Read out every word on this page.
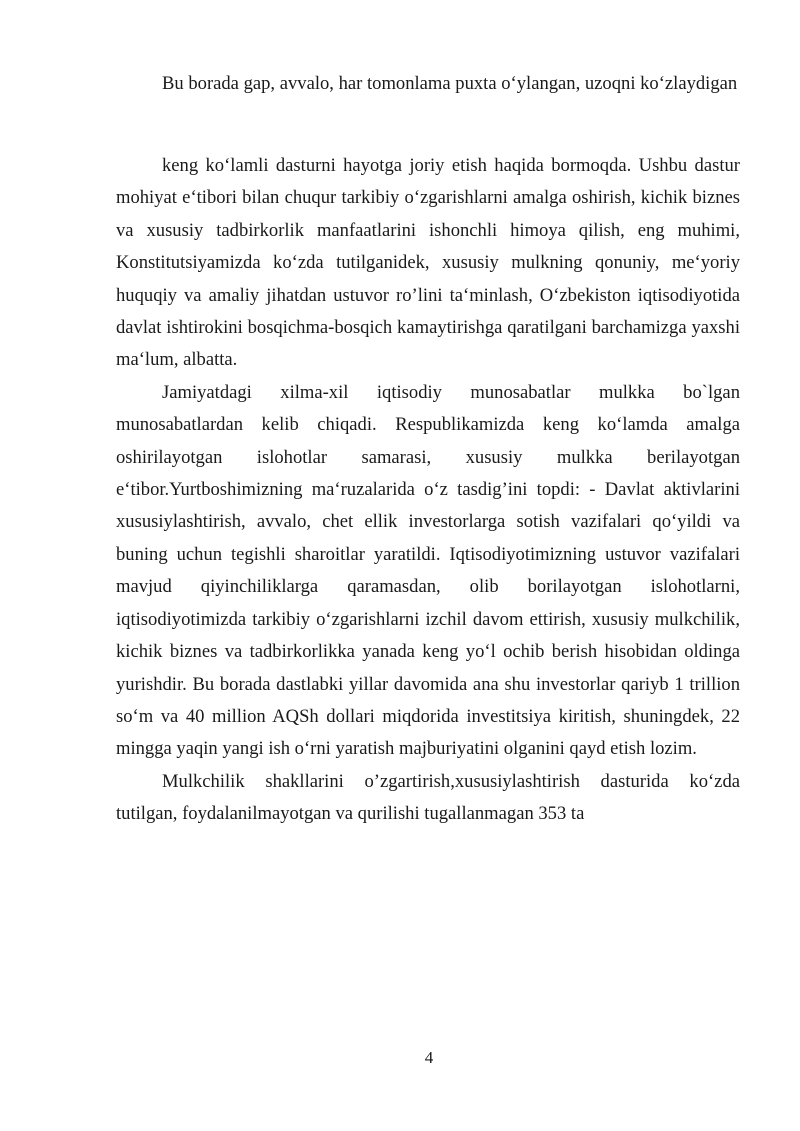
Bu borada gap, avvalo, har tomonlama puxta o‘ylangan, uzoqni ko‘zlaydigan

keng ko‘lamli dasturni hayotga joriy etish haqida bormoqda. Ushbu dastur mohiyat e‘tibori bilan chuqur tarkibiy o‘zgarishlarni amalga oshirish, kichik biznes va xususiy tadbirkorlik manfaatlarini ishonchli himoya qilish, eng muhimi, Konstitutsiyamizda ko‘zda tutilganidek, xususiy mulkning qonuniy, me‘yoriy huquqiy va amaliy jihatdan ustuvor ro’lini ta‘minlash, O‘zbekiston iqtisodiyotida davlat ishtirokini bosqichma-bosqich kamaytirishga qaratilgani barchamizga yaxshi ma‘lum, albatta.

Jamiyatdagi xilma-xil iqtisodiy munosabatlar mulkka bo`lgan munosabatlardan kelib chiqadi. Respublikamizda keng ko‘lamda amalga oshirilayotgan islohotlar samarasi, xususiy mulkka berilayotgan e‘tibor.Yurtboshimizning ma‘ruzalarida o‘z tasdig’ini topdi: - Davlat aktivlarini xususiylashtirish, avvalo, chet ellik investorlarga sotish vazifalari qo‘yildi va buning uchun tegishli sharoitlar yaratildi. Iqtisodiyotimizning ustuvor vazifalari mavjud qiyinchiliklarga qaramasdan, olib borilayotgan islohotlarni, iqtisodiyotimizda tarkibiy o‘zgarishlarni izchil davom ettirish, xususiy mulkchilik, kichik biznes va tadbirkorlikka yanada keng yo‘l ochib berish hisobidan oldinga yurishdir. Bu borada dastlabki yillar davomida ana shu investorlar qariyb 1 trillion so‘m va 40 million AQSh dollari miqdorida investitsiya kiritish, shuningdek, 22 mingga yaqin yangi ish o‘rni yaratish majburiyatini olganini qayd etish lozim.

Mulkchilik shakllarini o’zgartirish,xususiylashtirish dasturida ko‘zda tutilgan, foydalanilmayotgan va qurilishi tugallanmagan 353 ta

4
